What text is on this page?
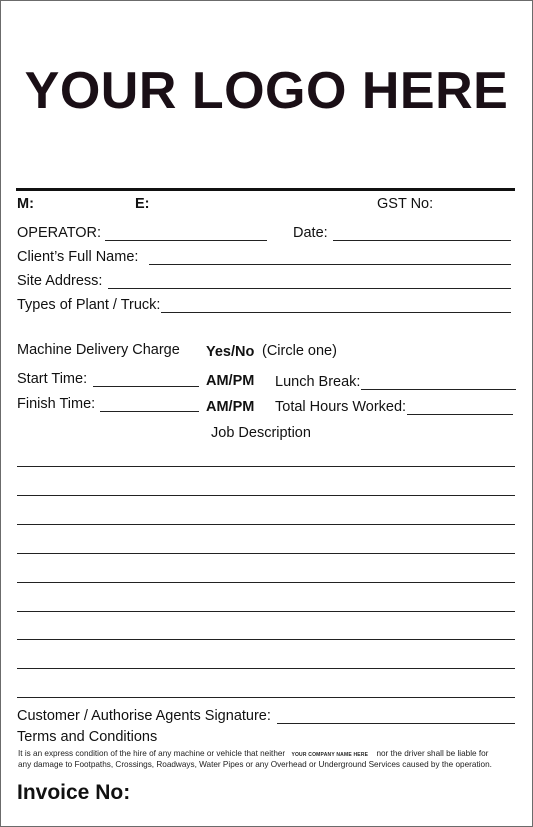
YOUR LOGO HERE
M:	E:	GST No:
OPERATOR:	Date:
Client’s Full Name:
Site Address:
Types of Plant / Truck:
Machine Delivery Charge Yes/No (Circle one)
Start Time:	AM/PM Lunch Break:
Finish Time:	AM/PM Total Hours Worked:
Job Description
Customer / Authorise Agents Signature:
Terms and Conditions
It is an express condition of the hire of any machine or vehicle that neither YOUR COMPANY NAME HERE nor the driver shall be liable for
any damage to Footpaths, Crossings, Roadways, Water Pipes or any Overhead or Underground Services caused by the operation.
Invoice No:
